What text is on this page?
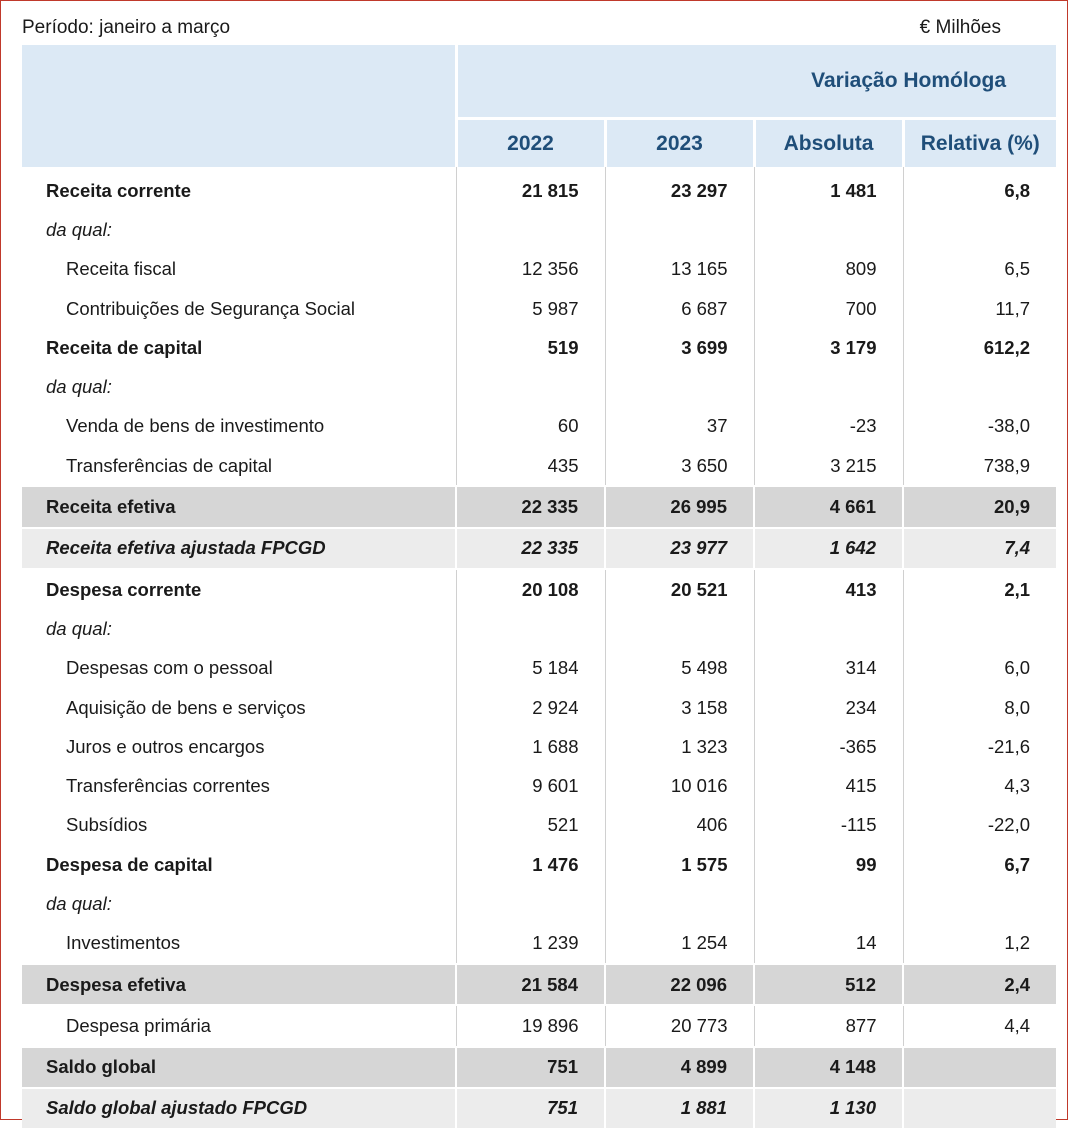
Período: janeiro a março	€ Milhões
	Variação Homóloga			
	2022	2023	Absoluta	Relativa (%)
Receita corrente	21 815	23 297	1 481	6,8
da qual:				
Receita fiscal	12 356	13 165	809	6,5
Contribuições de Segurança Social	5 987	6 687	700	11,7
Receita de capital	519	3 699	3 179	612,2
da qual:				
Venda de bens de investimento	60	37	-23	-38,0
Transferências de capital	435	3 650	3 215	738,9
Receita efetiva	22 335	26 995	4 661	20,9
Receita efetiva ajustada FPCGD	22 335	23 977	1 642	7,4
Despesa corrente	20 108	20 521	413	2,1
da qual:				
Despesas com o pessoal	5 184	5 498	314	6,0
Aquisição de bens e serviços	2 924	3 158	234	8,0
Juros e outros encargos	1 688	1 323	-365	-21,6
Transferências correntes	9 601	10 016	415	4,3
Subsídios	521	406	-115	-22,0
Despesa de capital	1 476	1 575	99	6,7
da qual:				
Investimentos	1 239	1 254	14	1,2
Despesa efetiva	21 584	22 096	512	2,4
Despesa primária	19 896	20 773	877	4,4
Saldo global	751	4 899	4 148	
Saldo global ajustado FPCGD	751	1 881	1 130	
